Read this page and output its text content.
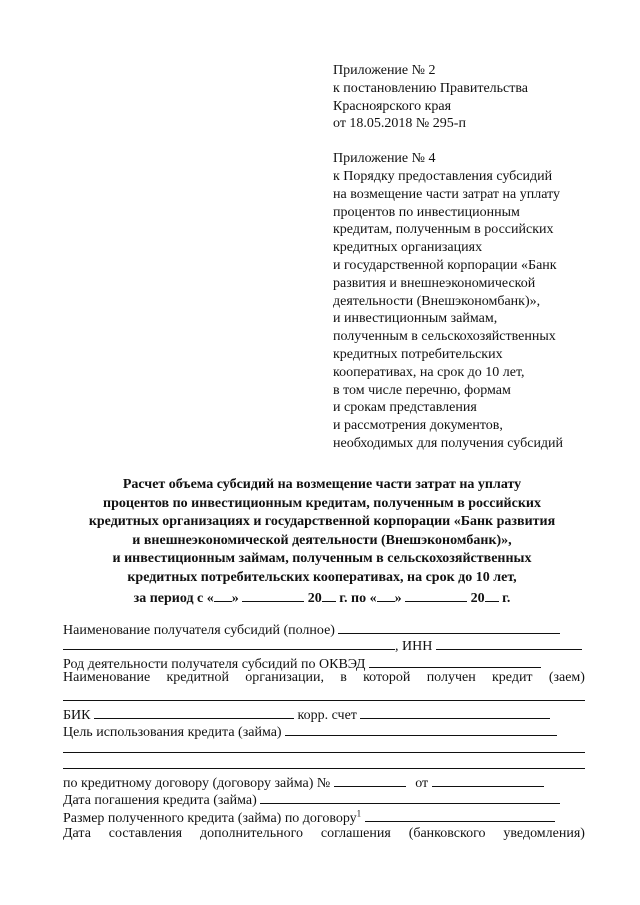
Приложение № 2
к постановлению Правительства
Красноярского края
от 18.05.2018 № 295-п
Приложение № 4
к Порядку предоставления субсидий
на возмещение части затрат на уплату
процентов по инвестиционным
кредитам, полученным в российских
кредитных организациях
и государственной корпорации «Банк
развития и внешнеэкономической
деятельности (Внешэкономбанк)»,
и инвестиционным займам,
полученным в сельскохозяйственных
кредитных потребительских
кооперативах, на срок до 10 лет,
в том числе перечню, формам
и срокам представления
и рассмотрения документов,
необходимых для получения субсидий
Расчет объема субсидий на возмещение части затрат на уплату
процентов по инвестиционным кредитам, полученным в российских
кредитных организациях и государственной корпорации «Банк развития
и внешнеэкономической деятельности (Внешэкономбанк)»,
и инвестиционным займам, полученным в сельскохозяйственных
кредитных потребительских кооперативах, на срок до 10 лет,
за период с « »	20 г. по « »	20 г.
Наименование получателя субсидий (полное)
, ИНН
Род деятельности получателя субсидий по ОКВЭД
Наименование кредитной организации, в которой получен кредит (заем)
БИК	корр. счет
Цель использования кредита (займа)
по кредитному договору (договору займа) №	от
Дата погашения кредита (займа)
Размер полученного кредита (займа) по договору$^1$
Дата составления дополнительного соглашения (банковского уведомления)
